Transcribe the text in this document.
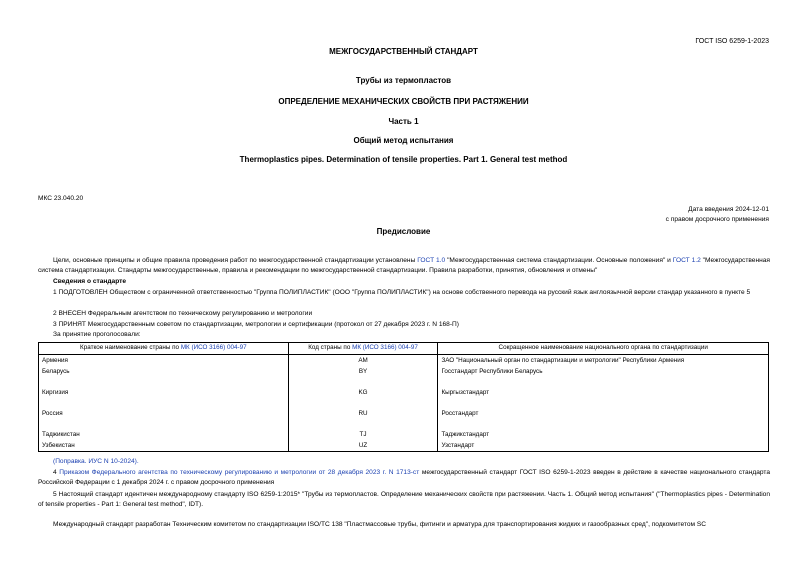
ГОСТ ISO 6259-1-2023
МЕЖГОСУДАРСТВЕННЫЙ СТАНДАРТ
Трубы из термопластов
ОПРЕДЕЛЕНИЕ МЕХАНИЧЕСКИХ СВОЙСТВ ПРИ РАСТЯЖЕНИИ
Часть 1
Общий метод испытания
Thermoplastics pipes. Determination of tensile properties. Part 1. General test method
МКС 23.040.20
Дата введения 2024-12-01
с правом досрочного применения
Предисловие
Цели, основные принципы и общие правила проведения работ по межгосударственной стандартизации установлены ГОСТ 1.0 "Межгосударственная система стандартизации. Основные положения" и ГОСТ 1.2 "Межгосударственная система стандартизации. Стандарты межгосударственные, правила и рекомендации по межгосударственной стандартизации. Правила разработки, принятия, обновления и отмены"
Сведения о стандарте
1 ПОДГОТОВЛЕН Обществом с ограниченной ответственностью "Группа ПОЛИПЛАСТИК" (ООО "Группа ПОЛИПЛАСТИК") на основе собственного перевода на русский язык англоязычной версии стандар указанного в пункте 5
2 ВНЕСЕН Федеральным агентством по техническому регулированию и метрологии
3 ПРИНЯТ Межгосударственным советом по стандартизации, метрологии и сертификации (протокол от 27 декабря 2023 г. N 168-П)
За принятие проголосовали:
Краткое наименование страны по МК (ИСО 3166) 004-97	Код страны по МК (ИСО 3166) 004-97	Сокращенное наименование национального органа по стандартизации
Армения	AM	ЗАО "Национальный орган по стандартизации и метрологии" Республики Армения
Беларусь	BY	Госстандарт Республики Беларусь
Киргизия	KG	Кыргызстандарт
Россия	RU	Росстандарт
Таджикистан	TJ	Таджикстандарт
Узбекистан	UZ	Узстандарт
(Поправка. ИУС N 10-2024).
4 Приказом Федерального агентства по техническому регулированию и метрологии от 28 декабря 2023 г. N 1713-ст межгосударственный стандарт ГОСТ ISO 6259-1-2023 введен в действие в качестве национального стандарта Российской Федерации с 1 декабря 2024 г. с правом досрочного применения
5 Настоящий стандарт идентичен международному стандарту ISO 6259-1:2015* "Трубы из термопластов. Определение механических свойств при растяжении. Часть 1. Общий метод испытания" ("Thermoplastics pipes - Determination of tensile properties - Part 1: General test method", IDT).
Международный стандарт разработан Техническим комитетом по стандартизации ISO/TC 138 "Пластмассовые трубы, фитинги и арматура для транспортирования жидких и газообразных сред", подкомитетом SC
